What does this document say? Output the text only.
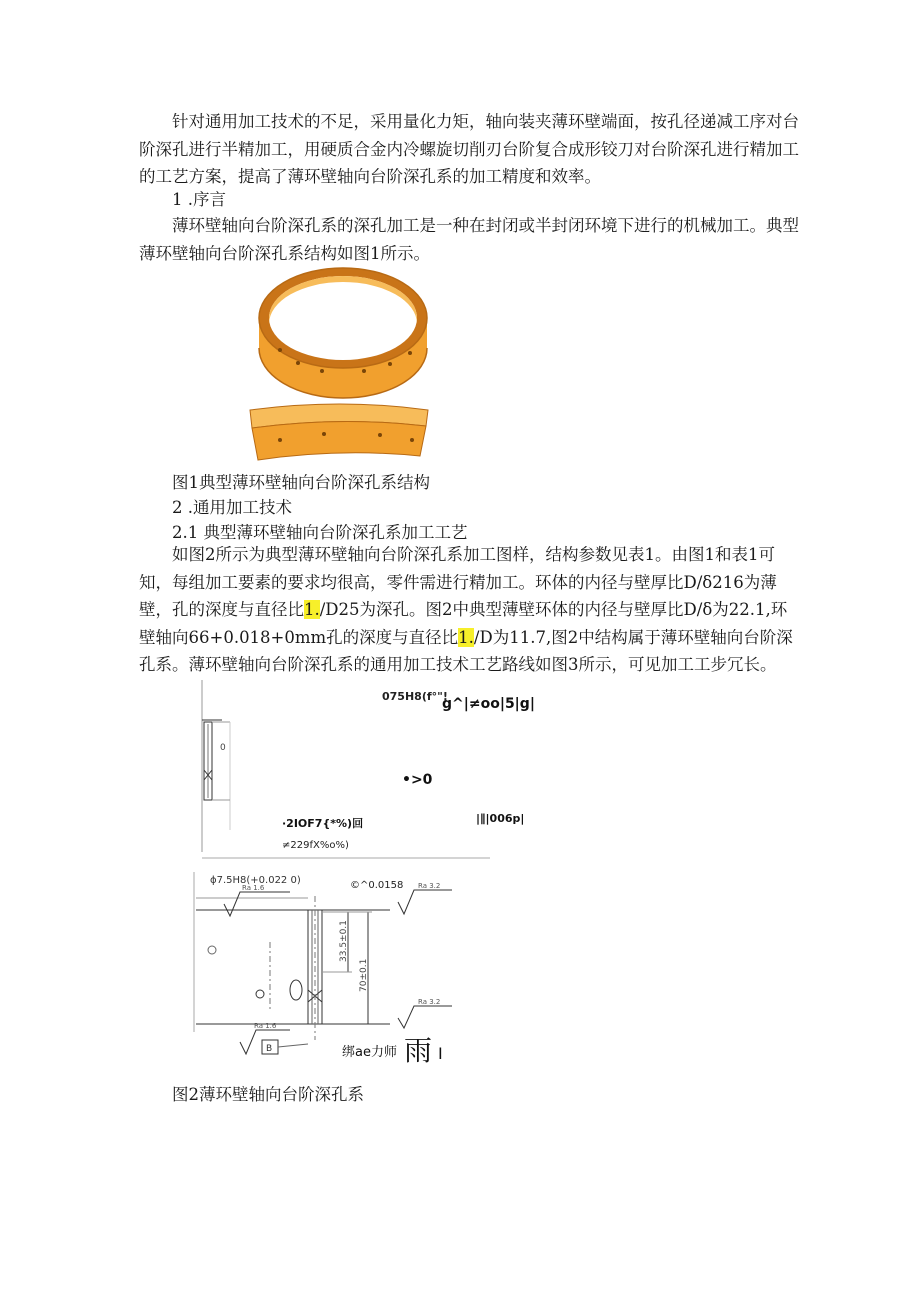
针对通用加工技术的不足，采用量化力矩，轴向装夹薄环壁端面，按孔径递减工序对台阶深孔进行半精加工，用硬质合金内冷螺旋切削刃台阶复合成形铰刀对台阶深孔进行精加工的工艺方案，提高了薄环壁轴向台阶深孔系的加工精度和效率。

1 .序言

薄环壁轴向台阶深孔系的深孔加工是一种在封闭或半封闭环境下进行的机械加工。典型薄环壁轴向台阶深孔系结构如图1所示。

图1典型薄环壁轴向台阶深孔系结构

2 .通用加工技术

2.1 典型薄环壁轴向台阶深孔系加工工艺

如图2所示为典型薄环壁轴向台阶深孔系加工图样，结构参数见表1。由图1和表1可知，每组加工要素的要求均很高，零件需进行精加工。环体的内径与壁厚比D/δ216为薄壁，孔的深度与直径比1./D25为深孔。图2中典型薄壁环体的内径与壁厚比D/δ为22.1,环壁轴向66+0.018+0mm孔的深度与直径比1./D为11.7,图2中结构属于薄环壁轴向台阶深孔系。薄环壁轴向台阶深孔系的通用加工技术工艺路线如图3所示，可见加工工步冗长。

075H8(f°"!
g^|≠oo|5|g|
0
•>0
|∥|006p|
·2IOF7{*%)回
≠229fX%o%)
ϕ7.5H8(+0.022 0)	©^0.0158
Ra 1.6	Ra 3.2
Ra 3.2
Ra 1.6
33.5±0.1
70±0.1
B	绑ae力师 雨 I

图2薄环壁轴向台阶深孔系
